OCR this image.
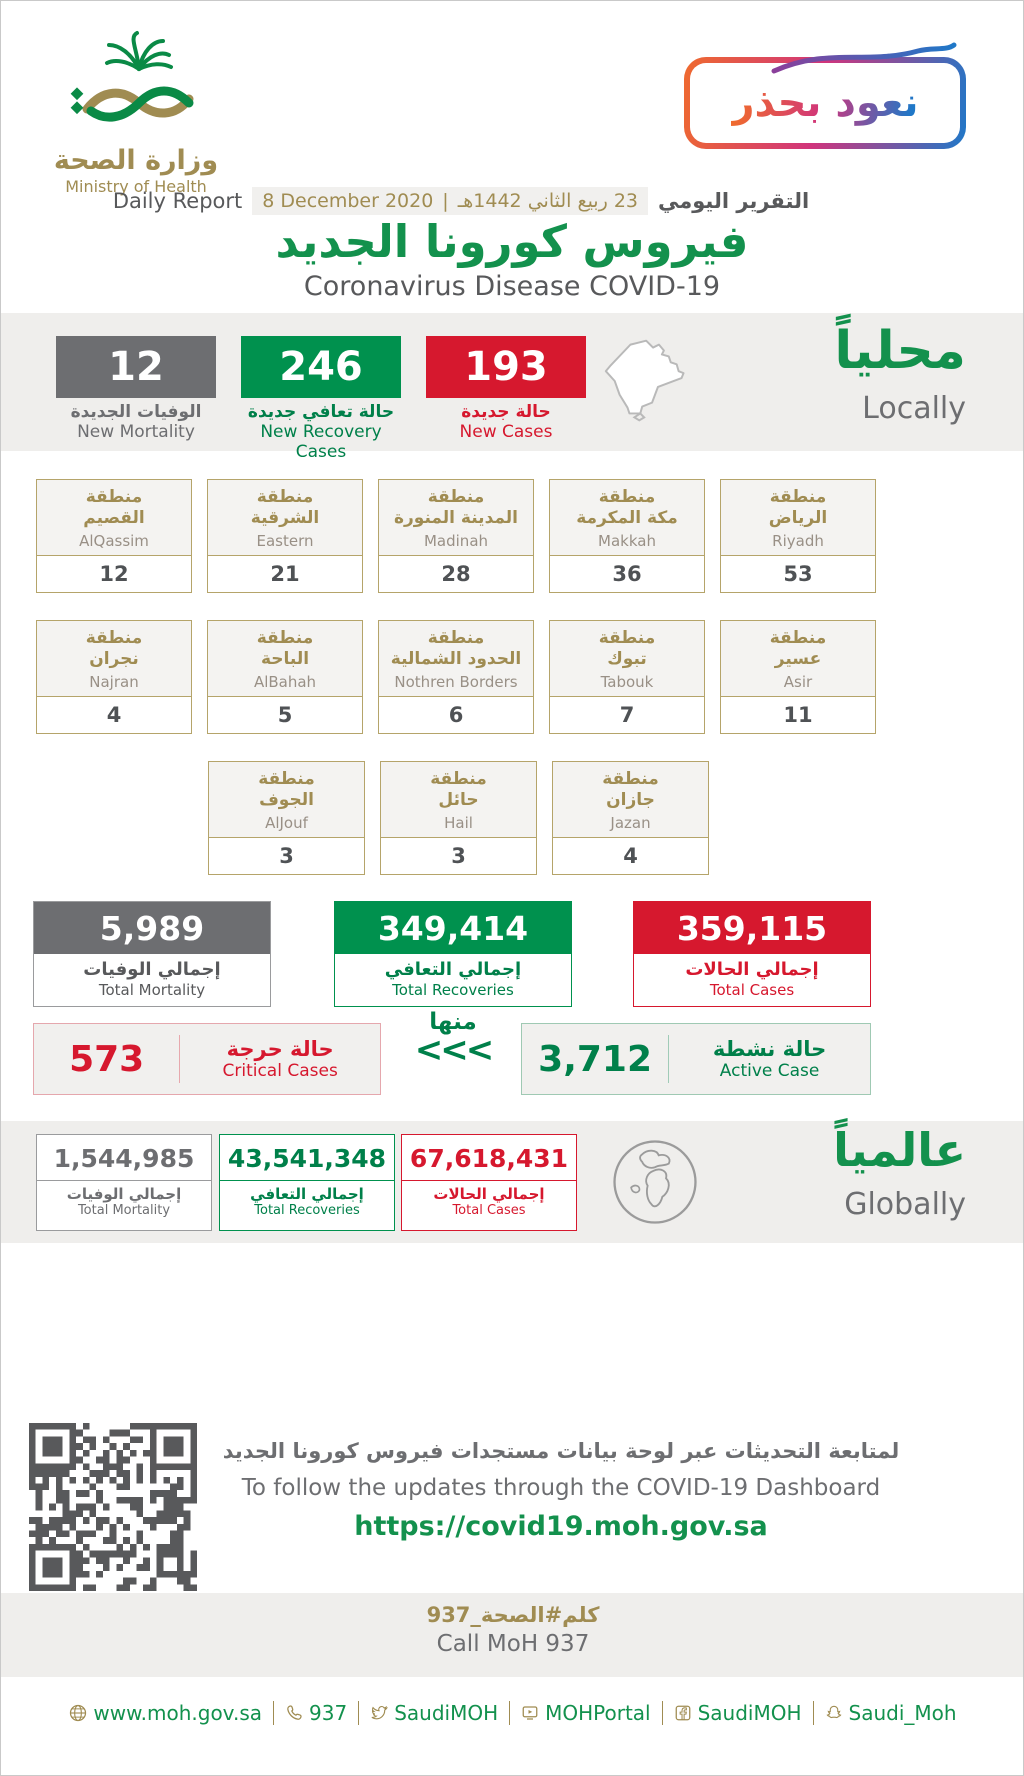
وزارة الصحة
Ministry of Health
نعود بحذر
Daily Report 8 December 2020 | 23 ربيع الثاني 1442هـ التقرير اليومي
فيروس كورونا الجديد
Coronavirus Disease COVID-19
12
الوفيات الجديدة
New Mortality
246
حالة تعافي جديدة
New Recovery Cases
193
حالة جديدة
New Cases
محلياً
Locally
منطقة
القصيم
AlQassim
12
منطقة
الشرقية
Eastern
21
منطقة
المدينة المنورة
Madinah
28
منطقة
مكة المكرمة
Makkah
36
منطقة
الرياض
Riyadh
53
منطقة
نجران
Najran
4
منطقة
الباحة
AlBahah
5
منطقة
الحدود الشمالية
Nothren Borders
6
منطقة
تبوك
Tabouk
7
منطقة
عسير
Asir
11
منطقة
الجوف
AlJouf
3
منطقة
حائل
Hail
3
منطقة
جازان
Jazan
4
5,989
إجمالي الوفيات
Total Mortality
349,414
إجمالي التعافي
Total Recoveries
359,115
إجمالي الحالات
Total Cases
573	حالة حرجة
Critical Cases
منها
<<<	3,712	حالة نشطة
Active Case
1,544,985
إجمالي الوفيات
Total Mortality
43,541,348
إجمالي التعافي
Total Recoveries
67,618,431
إجمالي الحالات
Total Cases
عالمياً
Globally
لمتابعة التحديثات عبر لوحة بيانات مستجدات فيروس كورونا الجديد
To follow the updates through the COVID-19 Dashboard
https://covid19.moh.gov.sa
كلم#الصحة_937
Call MoH 937
www.moh.gov.sa 937 SaudiMOH MOHPortal SaudiMOH Saudi_Moh
